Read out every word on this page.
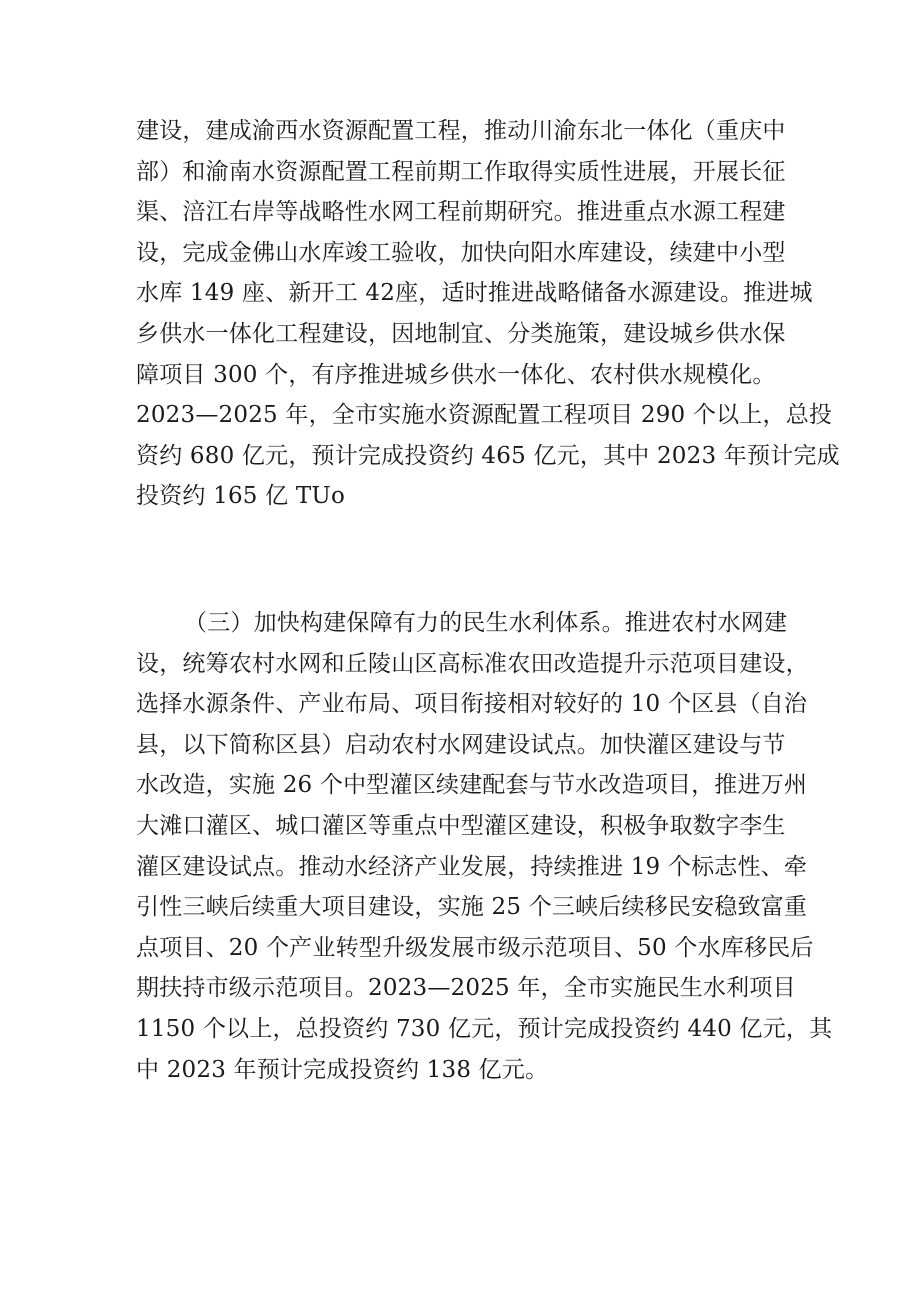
建设，建成渝西水资源配置工程，推动川渝东北一体化（重庆中
部）和渝南水资源配置工程前期工作取得实质性进展，开展长征
渠、涪江右岸等战略性水网工程前期研究。推进重点水源工程建
设，完成金佛山水库竣工验收，加快向阳水库建设，续建中小型
水库 149 座、新开工 42座，适时推进战略储备水源建设。推进城
乡供水一体化工程建设，因地制宜、分类施策，建设城乡供水保
障项目 300 个，有序推进城乡供水一体化、农村供水规模化。
2023—2025 年，全市实施水资源配置工程项目 290 个以上，总投
资约 680 亿元，预计完成投资约 465 亿元，其中 2023 年预计完成
投资约 165 亿 TUo
（三）加快构建保障有力的民生水利体系。推进农村水网建
设，统筹农村水网和丘陵山区高标准农田改造提升示范项目建设，
选择水源条件、产业布局、项目衔接相对较好的 10 个区县（自治
县，以下简称区县）启动农村水网建设试点。加快灌区建设与节
水改造，实施 26 个中型灌区续建配套与节水改造项目，推进万州
大滩口灌区、城口灌区等重点中型灌区建设，积极争取数字李生
灌区建设试点。推动水经济产业发展，持续推进 19 个标志性、牵
引性三峡后续重大项目建设，实施 25 个三峡后续移民安稳致富重
点项目、20 个产业转型升级发展市级示范项目、50 个水库移民后
期扶持市级示范项目。2023—2025 年，全市实施民生水利项目
1150 个以上，总投资约 730 亿元，预计完成投资约 440 亿元，其
中 2023 年预计完成投资约 138 亿元。
